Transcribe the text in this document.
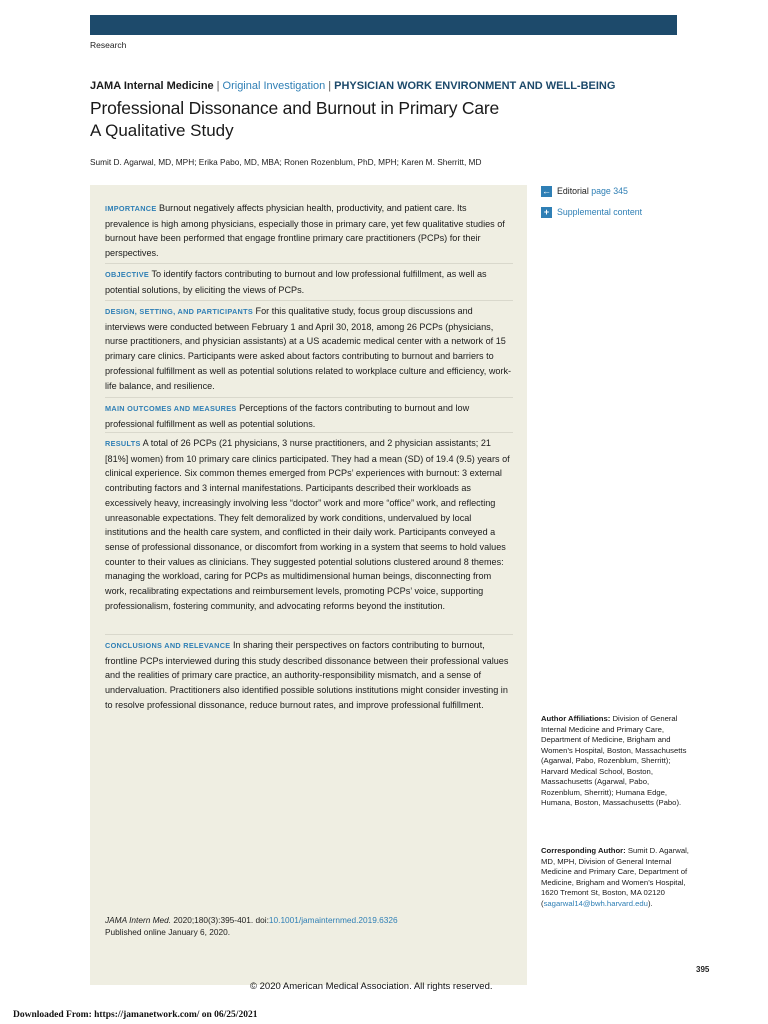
Research
JAMA Internal Medicine | Original Investigation | PHYSICIAN WORK ENVIRONMENT AND WELL-BEING
Professional Dissonance and Burnout in Primary Care
A Qualitative Study
Sumit D. Agarwal, MD, MPH; Erika Pabo, MD, MBA; Ronen Rozenblum, PhD, MPH; Karen M. Sherritt, MD
IMPORTANCE Burnout negatively affects physician health, productivity, and patient care. Its prevalence is high among physicians, especially those in primary care, yet few qualitative studies of burnout have been performed that engage frontline primary care practitioners (PCPs) for their perspectives.
OBJECTIVE To identify factors contributing to burnout and low professional fulfillment, as well as potential solutions, by eliciting the views of PCPs.
DESIGN, SETTING, AND PARTICIPANTS For this qualitative study, focus group discussions and interviews were conducted between February 1 and April 30, 2018, among 26 PCPs (physicians, nurse practitioners, and physician assistants) at a US academic medical center with a network of 15 primary care clinics. Participants were asked about factors contributing to burnout and barriers to professional fulfillment as well as potential solutions related to workplace culture and efficiency, work-life balance, and resilience.
MAIN OUTCOMES AND MEASURES Perceptions of the factors contributing to burnout and low professional fulfillment as well as potential solutions.
RESULTS A total of 26 PCPs (21 physicians, 3 nurse practitioners, and 2 physician assistants; 21 [81%] women) from 10 primary care clinics participated. They had a mean (SD) of 19.4 (9.5) years of clinical experience. Six common themes emerged from PCPs’ experiences with burnout: 3 external contributing factors and 3 internal manifestations. Participants described their workloads as excessively heavy, increasingly involving less “doctor” work and more “office” work, and reflecting unreasonable expectations. They felt demoralized by work conditions, undervalued by local institutions and the health care system, and conflicted in their daily work. Participants conveyed a sense of professional dissonance, or discomfort from working in a system that seems to hold values counter to their values as clinicians. They suggested potential solutions clustered around 8 themes: managing the workload, caring for PCPs as multidimensional human beings, disconnecting from work, recalibrating expectations and reimbursement levels, promoting PCPs’ voice, supporting professionalism, fostering community, and advocating reforms beyond the institution.
CONCLUSIONS AND RELEVANCE In sharing their perspectives on factors contributing to burnout, frontline PCPs interviewed during this study described dissonance between their professional values and the realities of primary care practice, an authority-responsibility mismatch, and a sense of undervaluation. Practitioners also identified possible solutions institutions might consider investing in to resolve professional dissonance, reduce burnout rates, and improve professional fulfillment.
JAMA Intern Med. 2020;180(3):395-401. doi:10.1001/jamainternmed.2019.6326
Published online January 6, 2020.
© 2020 American Medical Association. All rights reserved.
← Editorial page 345
+ Supplemental content
Author Affiliations: Division of General Internal Medicine and Primary Care, Department of Medicine, Brigham and Women’s Hospital, Boston, Massachusetts (Agarwal, Pabo, Rozenblum, Sherritt); Harvard Medical School, Boston, Massachusetts (Agarwal, Pabo, Rozenblum, Sherritt); Humana Edge, Humana, Boston, Massachusetts (Pabo).
Corresponding Author: Sumit D. Agarwal, MD, MPH, Division of General Internal Medicine and Primary Care, Department of Medicine, Brigham and Women’s Hospital, 1620 Tremont St, Boston, MA 02120 (sagarwal14@bwh.harvard.edu).
395
Downloaded From: https://jamanetwork.com/ on 06/25/2021
